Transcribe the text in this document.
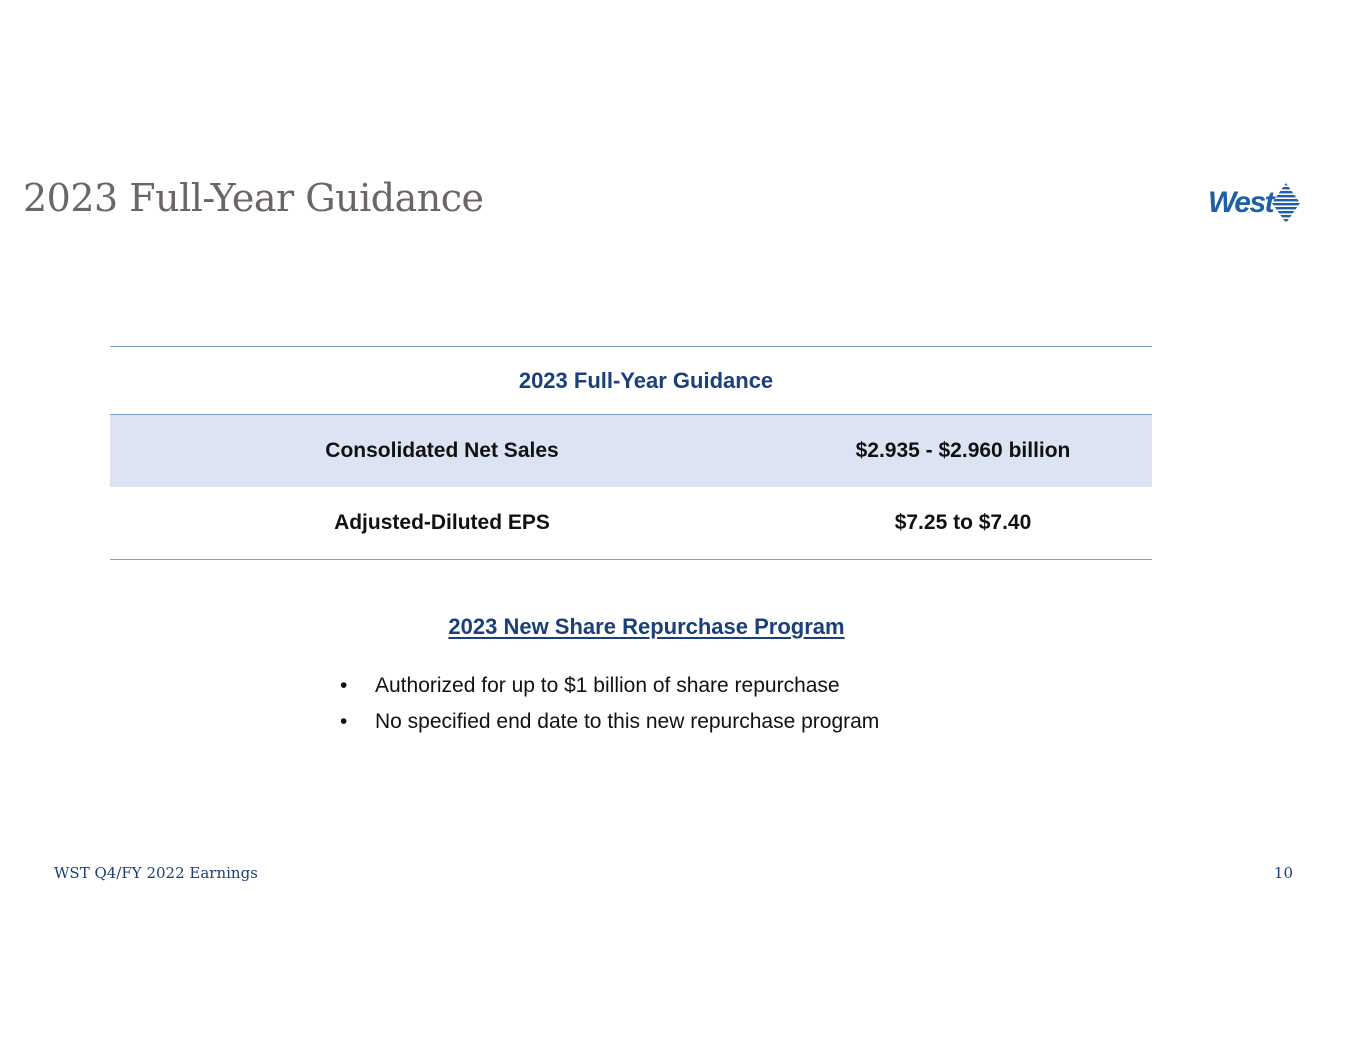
2023 Full-Year Guidance	West
2023 Full-Year Guidance	
Consolidated Net Sales	$2.935 - $2.960 billion
Adjusted-Diluted EPS	$7.25 to $7.40
2023 New Share Repurchase Program
•	Authorized for up to $1 billion of share repurchase
•	No specified end date to this new repurchase program
WST Q4/FY 2022 Earnings	10
